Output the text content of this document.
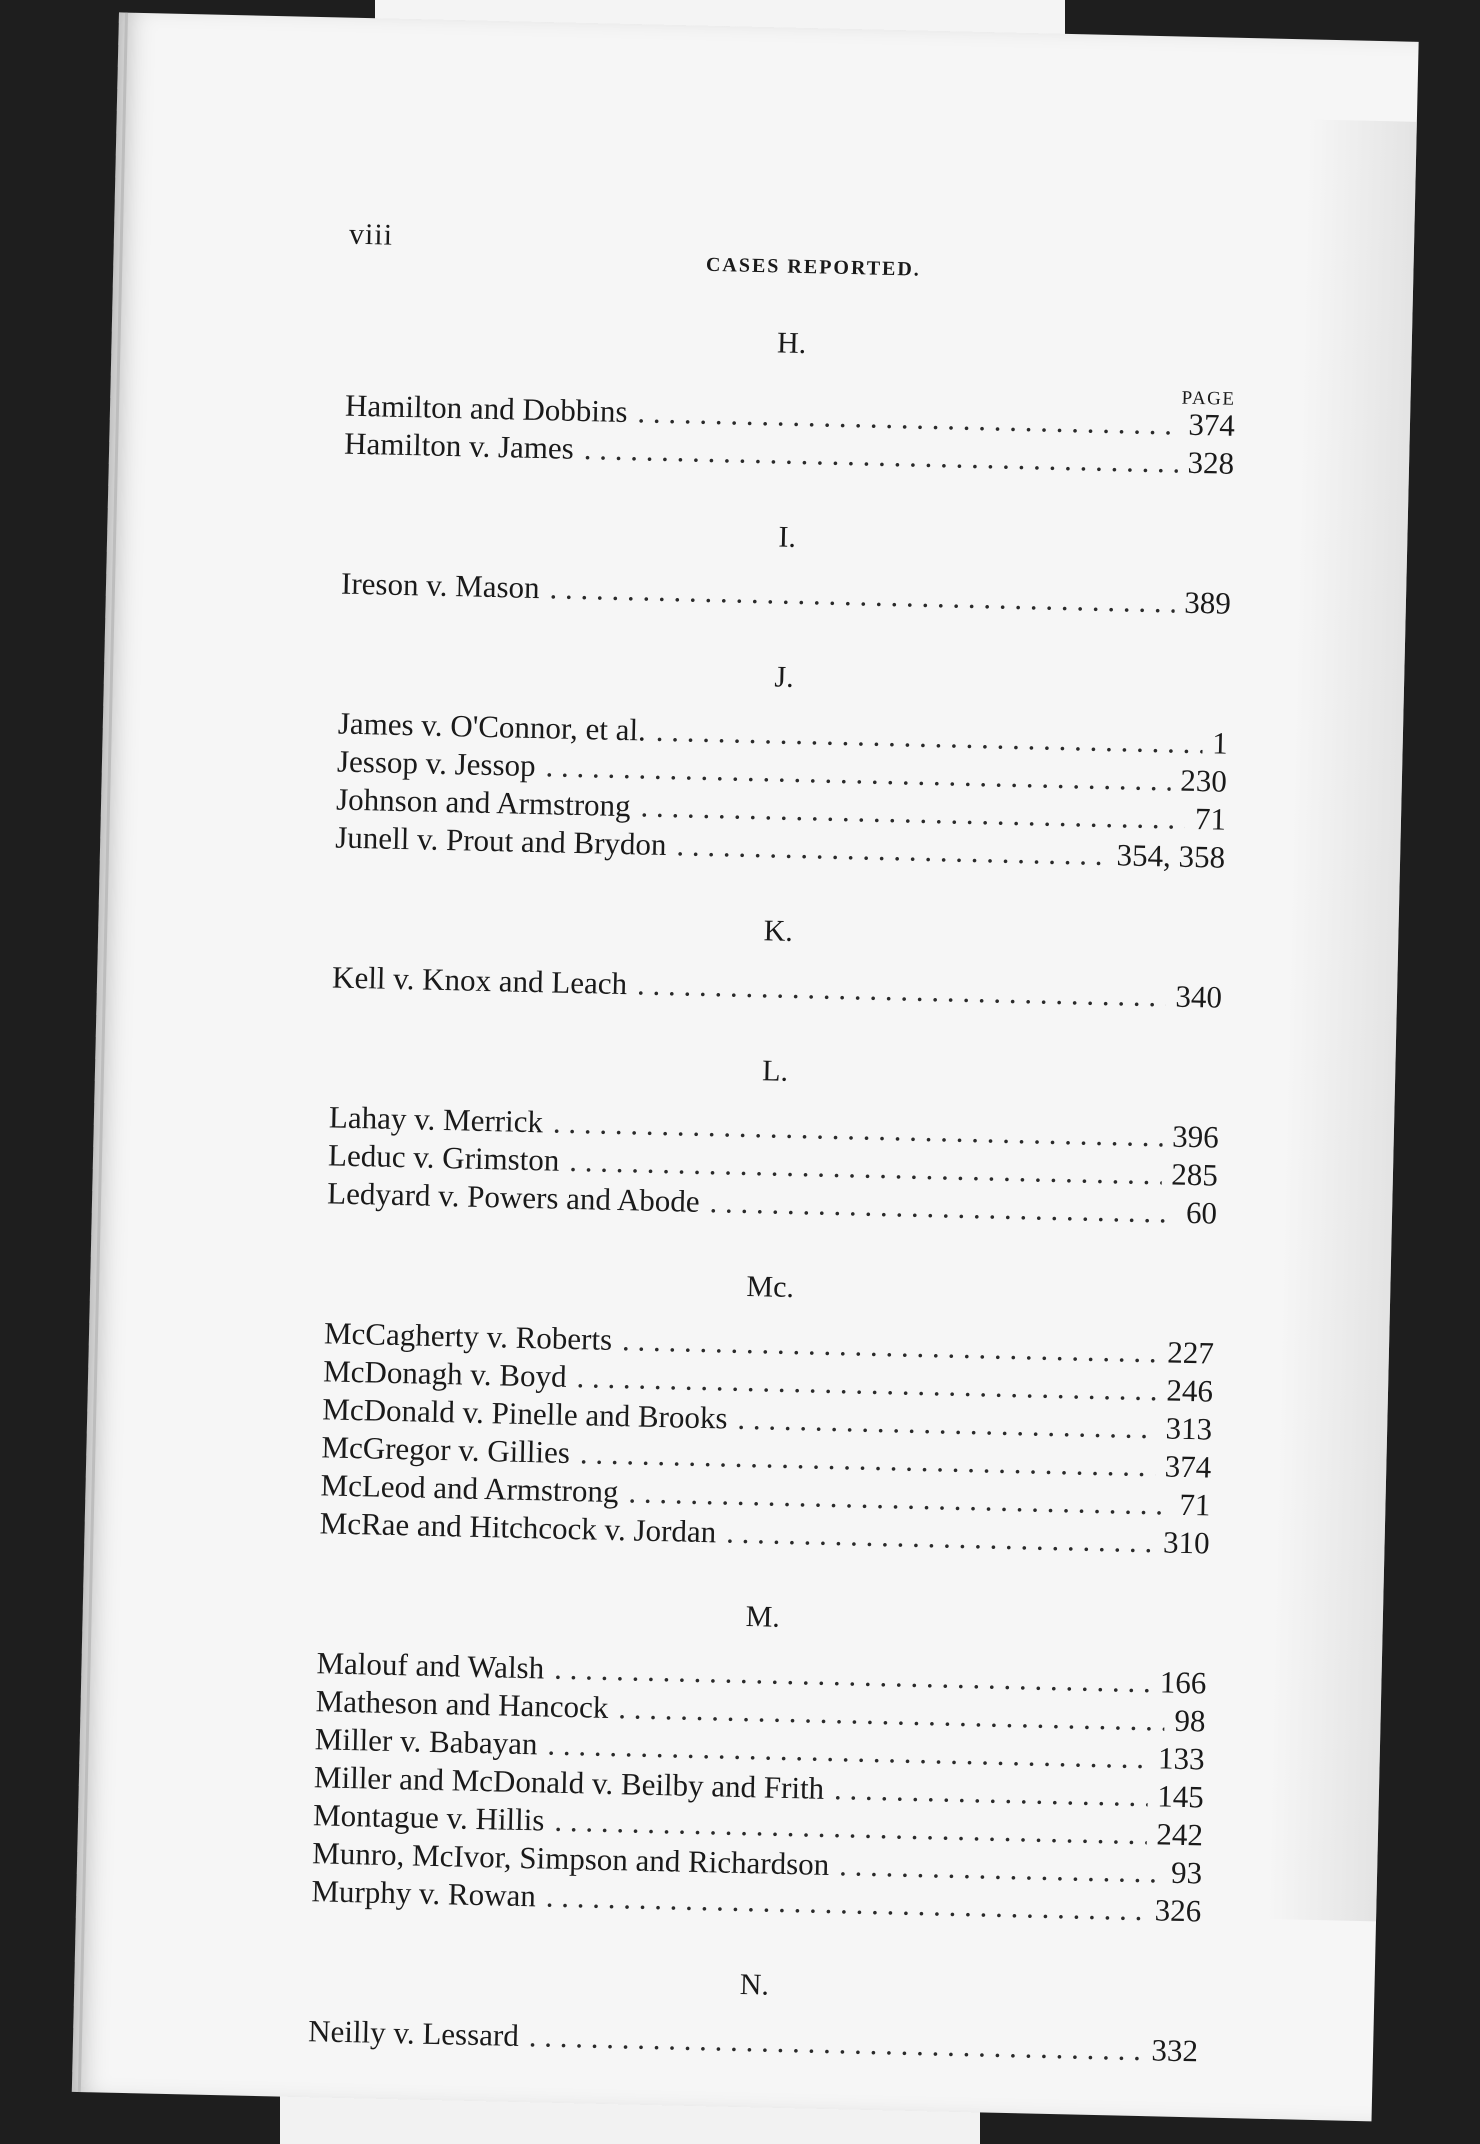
viii
CASES REPORTED.
H.
PAGE
Hamilton and Dobbins . . .	374
Hamilton v. James . . .	328
I.
Ireson v. Mason . . .	389
J.
James v. O'Connor, et al. . . .	1
Jessop v. Jessop . . .	230
Johnson and Armstrong . . .	71
Junell v. Prout and Brydon . . .	354, 358
K.
Kell v. Knox and Leach . . .	340
L.
Lahay v. Merrick . . .	396
Leduc v. Grimston . . .	285
Ledyard v. Powers and Abode . . .	60
Mc.
McCagherty v. Roberts . . .	227
McDonagh v. Boyd . . .	246
McDonald v. Pinelle and Brooks . . .	313
McGregor v. Gillies . . .	374
McLeod and Armstrong . . .	71
McRae and Hitchcock v. Jordan . . .	310
M.
Malouf and Walsh . . .	166
Matheson and Hancock . . .	98
Miller v. Babayan . . .	133
Miller and McDonald v. Beilby and Frith . . .	145
Montague v. Hillis . . .	242
Munro, McIvor, Simpson and Richardson . . .	93
Murphy v. Rowan . . .	326
N.
Neilly v. Lessard . . .	332
